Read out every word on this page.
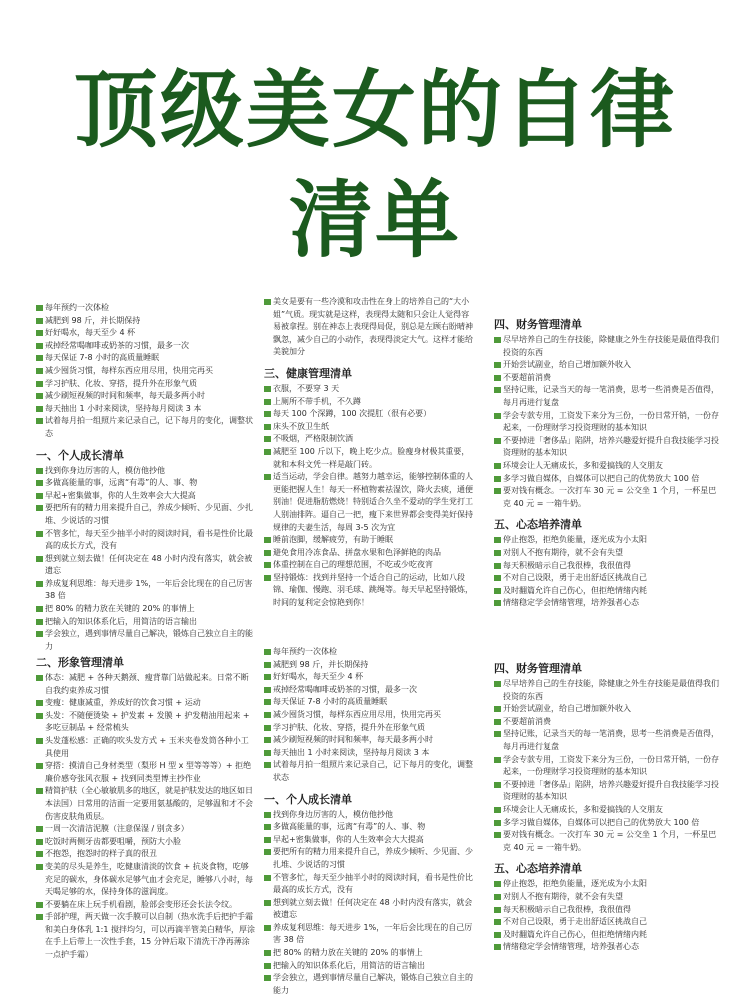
顶级美女的自律
清单
每年预约一次体检
减肥到 98 斤，并长期保持
好好喝水，每天至少 4 杯
戒掉经常喝咖啡或奶茶的习惯，最多一次
每天保证 7-8 小时的高质量睡眠
减少囤货习惯，每样东西应用尽用，快用完再买
学习护肤、化妆、穿搭，提升外在形象气质
减少刷短视频的时间和频率，每天最多两小时
每天抽出 1 小时来阅读，坚持每月阅读 3 本
试着每月拍一组照片来记录自己，记下每月的变化，调整状态
一、个人成长清单
找到你身边厉害的人，模仿他抄他
多做高能量的事，远离“有毒”的人、事、物
早起+密集做事，你的人生效率会大大提高
要把所有的精力用来提升自己，养成少倾听、少见面、少扎堆、少说话的习惯
不管多忙，每天至少抽半小时的阅读时间，看书是性价比最高的成长方式，没有
想到就立刻去做！任何决定在 48 小时内没有落实，就会被遗忘
养成复利思维：每天进步 1%，一年后会比现在的自己厉害 38 倍
把 80% 的精力放在关键的 20% 的事情上
把输入的知识体系化后，用简洁的语言输出
学会独立，遇到事情尽量自己解决，锻炼自己独立自主的能力
美女是要有一些冷漠和攻击性在身上的培养自己的“大小姐”气质。现实就是这样，表现得太随和只会让人觉得容易被拿捏。别在神态上表现得局促，别总是左顾右盼晴神飘忽，减少自己的小动作，表现得淡定大气。这样才能给美貌加分
三、健康管理清单
衣服，不要穿 3 天
上厕所不带手机，不久蹲
每天 100 个深蹲，100 次提肛（很有必要）
床头不放卫生纸
不吸烟，严格限制饮酒
减肥至 100 斤以下，晚上吃少点。脸瘦身材极其重要，就和本科文凭一样是敲门砖。
适当运动，学会自律。越努力越幸运，能够控制体重的人更能把握人生！每天一杯植物素祛湿饮，降火去痰，通便别油！促进脂肪燃烧！特别适合久坐不爱动的学生党打工人别油排阵。逼自己一把，瘦下来世界都会变得美好保持规律的夫妻生活，每周 3-5 次为宜
睡前泡脚，缓解疲劳，有助于睡眠
避免食用冷冻食品、拼盘水果和色泽鲜艳的肉品
体重控制在自己的理想范围，不吃或少吃夜宵
坚持锻炼：找到并坚持一个适合自己的运动，比如八段锦、瑜伽、慢跑、羽毛球、跳绳等。每天早起坚持锻炼，时间的复利定会惊艳到你！
四、财务管理清单
尽早培养自己的生存技能，除健康之外生存技能是最值得我们投资的东西
开始尝试副业，给自己增加额外收入
不要超前消费
坚持记账，记录当天的每一笔消费，思考一些消费是否值得，每月再进行复盘
学会专款专用，工资发下来分为三份，一份日常开销，一份存起来，一份理财学习投资理财的基本知识
不要掉进「奢侈品」陷阱，培养兴趣爱好提升自我技能学习投资理财的基本知识
环境会让人无痛成长，多和爱搞钱的人交朋友
多学习做自媒体，自媒体可以把自己的优势放大 100 倍
要对钱有概念。一次打车 30 元 = 公交坐 1 个月，一杯星巴克 40 元 = 一箱牛奶。
五、心态培养清单
停止抱怨，拒绝负能量，逐光成为小太阳
对别人不抱有期待，就不会有失望
每天积极暗示自己我很棒，我很值得
不对自己设限，勇于走出舒适区挑战自己
及时翻篇允许自己伤心，但拒绝情绪内耗
情绪稳定学会情绪管理，培养强者心态
二、形象管理清单
体态：减肥 + 各种天鹅颈、瘦背靠门站做起来。日常不断自我约束养成习惯
变瘦：健康减重，养成好的饮食习惯 + 运动
头发：不随便烫染 + 护发素 + 发膜 + 护发精油用起来 + 多吃豆制品 + 经常梳头
头发蓬松感：正确的吹头发方式 + 玉米夹卷发筒各种小工具使用
穿搭：摸清自己身材类型（梨形 H 型 x 型等等等）+ 拒绝廉价感夸张风衣服 + 找到同类型博主抄作业
精简护肤（全心敏敏肌多的地区，就是护肤发达的地区如日本法国）日常用的洁面一定要用氨基酸的，足够温和才不会伤害皮肤角质层。
一周一次清洁泥膜（注意保湿 / 别贪多）
吃饭时两侧牙齿都要咀嚼，预防大小脸
不抱怨，抱怨时的样子真的很丑
变美的尽头是养生，吃健康清淡的饮食 + 抗炎食物，吃够充足的碳水，身体碳水足够气血才会充足，睡够八小时，每天喝足够的水，保持身体的滋润度。
不要躺在床上玩手机看剧，脸部会变形还会长法令纹。
手部护理，两天做一次手膜可以自制（热水洗手后把护手霜和美白身体乳 1:1 搅拌均匀，可以再滴半管美白精华，厚涂在手上后带上一次性手套，15 分钟后取下清洗干净再薄涂一点护手霜）
每年预约一次体检
减肥到 98 斤，并长期保持
好好喝水，每天至少 4 杯
戒掉经常喝咖啡或奶茶的习惯，最多一次
每天保证 7-8 小时的高质量睡眠
减少囤货习惯，每样东西应用尽用，快用完再买
学习护肤、化妆、穿搭，提升外在形象气质
减少刷短视频的时间和频率，每天最多两小时
每天抽出 1 小时来阅读，坚持每月阅读 3 本
试着每月拍一组照片来记录自己，记下每月的变化，调整状态
一、个人成长清单
找到你身边厉害的人，模仿他抄他
多做高能量的事，远离“有毒”的人、事、物
早起+密集做事，你的人生效率会大大提高
要把所有的精力用来提升自己，养成少倾听、少见面、少扎堆、少说话的习惯
不管多忙，每天至少抽半小时的阅读时间，看书是性价比最高的成长方式，没有
想到就立刻去做！任何决定在 48 小时内没有落实，就会被遗忘
养成复利思维：每天进步 1%，一年后会比现在的自己厉害 38 倍
把 80% 的精力放在关键的 20% 的事情上
把输入的知识体系化后，用简洁的语言输出
学会独立，遇到事情尽量自己解决，锻炼自己独立自主的能力
四、财务管理清单
尽早培养自己的生存技能，除健康之外生存技能是最值得我们投资的东西
开始尝试副业，给自己增加额外收入
不要超前消费
坚持记账，记录当天的每一笔消费，思考一些消费是否值得，每月再进行复盘
学会专款专用，工资发下来分为三份，一份日常开销，一份存起来，一份理财学习投资理财的基本知识
不要掉进「奢侈品」陷阱，培养兴趣爱好提升自我技能学习投资理财的基本知识
环境会让人无痛成长，多和爱搞钱的人交朋友
多学习做自媒体，自媒体可以把自己的优势放大 100 倍
要对钱有概念。一次打车 30 元 = 公交坐 1 个月，一杯星巴克 40 元 = 一箱牛奶。
五、心态培养清单
停止抱怨，拒绝负能量，逐光成为小太阳
对别人不抱有期待，就不会有失望
每天积极暗示自己我很棒，我很值得
不对自己设限，勇于走出舒适区挑战自己
及时翻篇允许自己伤心，但拒绝情绪内耗
情绪稳定学会情绪管理，培养强者心态
